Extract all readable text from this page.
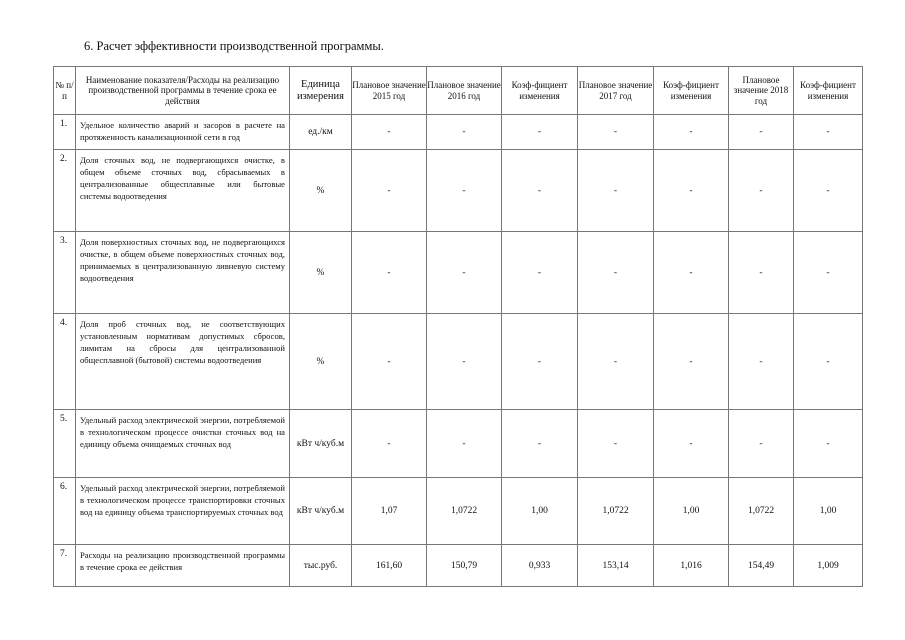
6. Расчет эффективности производственной программы.
№ п/п	Наименование показателя/Расходы на реализацию производственной программы в течение срока ее действия	Единица измерения	Плановое значение 2015 год	Плановое значение 2016 год	Коэф-фициент изменения	Плановое значение 2017 год	Коэф-фициент изменения	Плановое значение 2018 год	Коэф-фициент изменения
1.	Удельное количество аварий и засоров в расчете на протяженность канализационной сети в год	ед./км	-	-	-	-	-	-	-
2.	Доля сточных вод, не подвергающихся очистке, в общем объеме сточных вод, сбрасываемых в централизованные общесплавные или бытовые системы водоотведения	%	-	-	-	-	-	-	-
3.	Доля поверхностных сточных вод, не подвергающихся очистке, в общем объеме поверхностных сточных вод, принимаемых в централизованную ливневую систему водоотведения	%	-	-	-	-	-	-	-
4.	Доля проб сточных вод, не соответствующих установленным нормативам допустимых сбросов, лимитам на сбросы для централизованной общесплавной (бытовой) системы водоотведения	%	-	-	-	-	-	-	-
5.	Удельный расход электрической энергии, потребляемой в технологическом процессе очистки сточных вод на единицу объема очищаемых сточных вод	кВт ч/куб.м	-	-	-	-	-	-	-
6.	Удельный расход электрической энергии, потребляемой в технологическом процессе транспортировки сточных вод на единицу объема транспортируемых сточных вод	кВт ч/куб.м	1,07	1,0722	1,00	1,0722	1,00	1,0722	1,00
7.	Расходы на реализацию производственной программы в течение срока ее действия	тыс.руб.	161,60	150,79	0,933	153,14	1,016	154,49	1,009
